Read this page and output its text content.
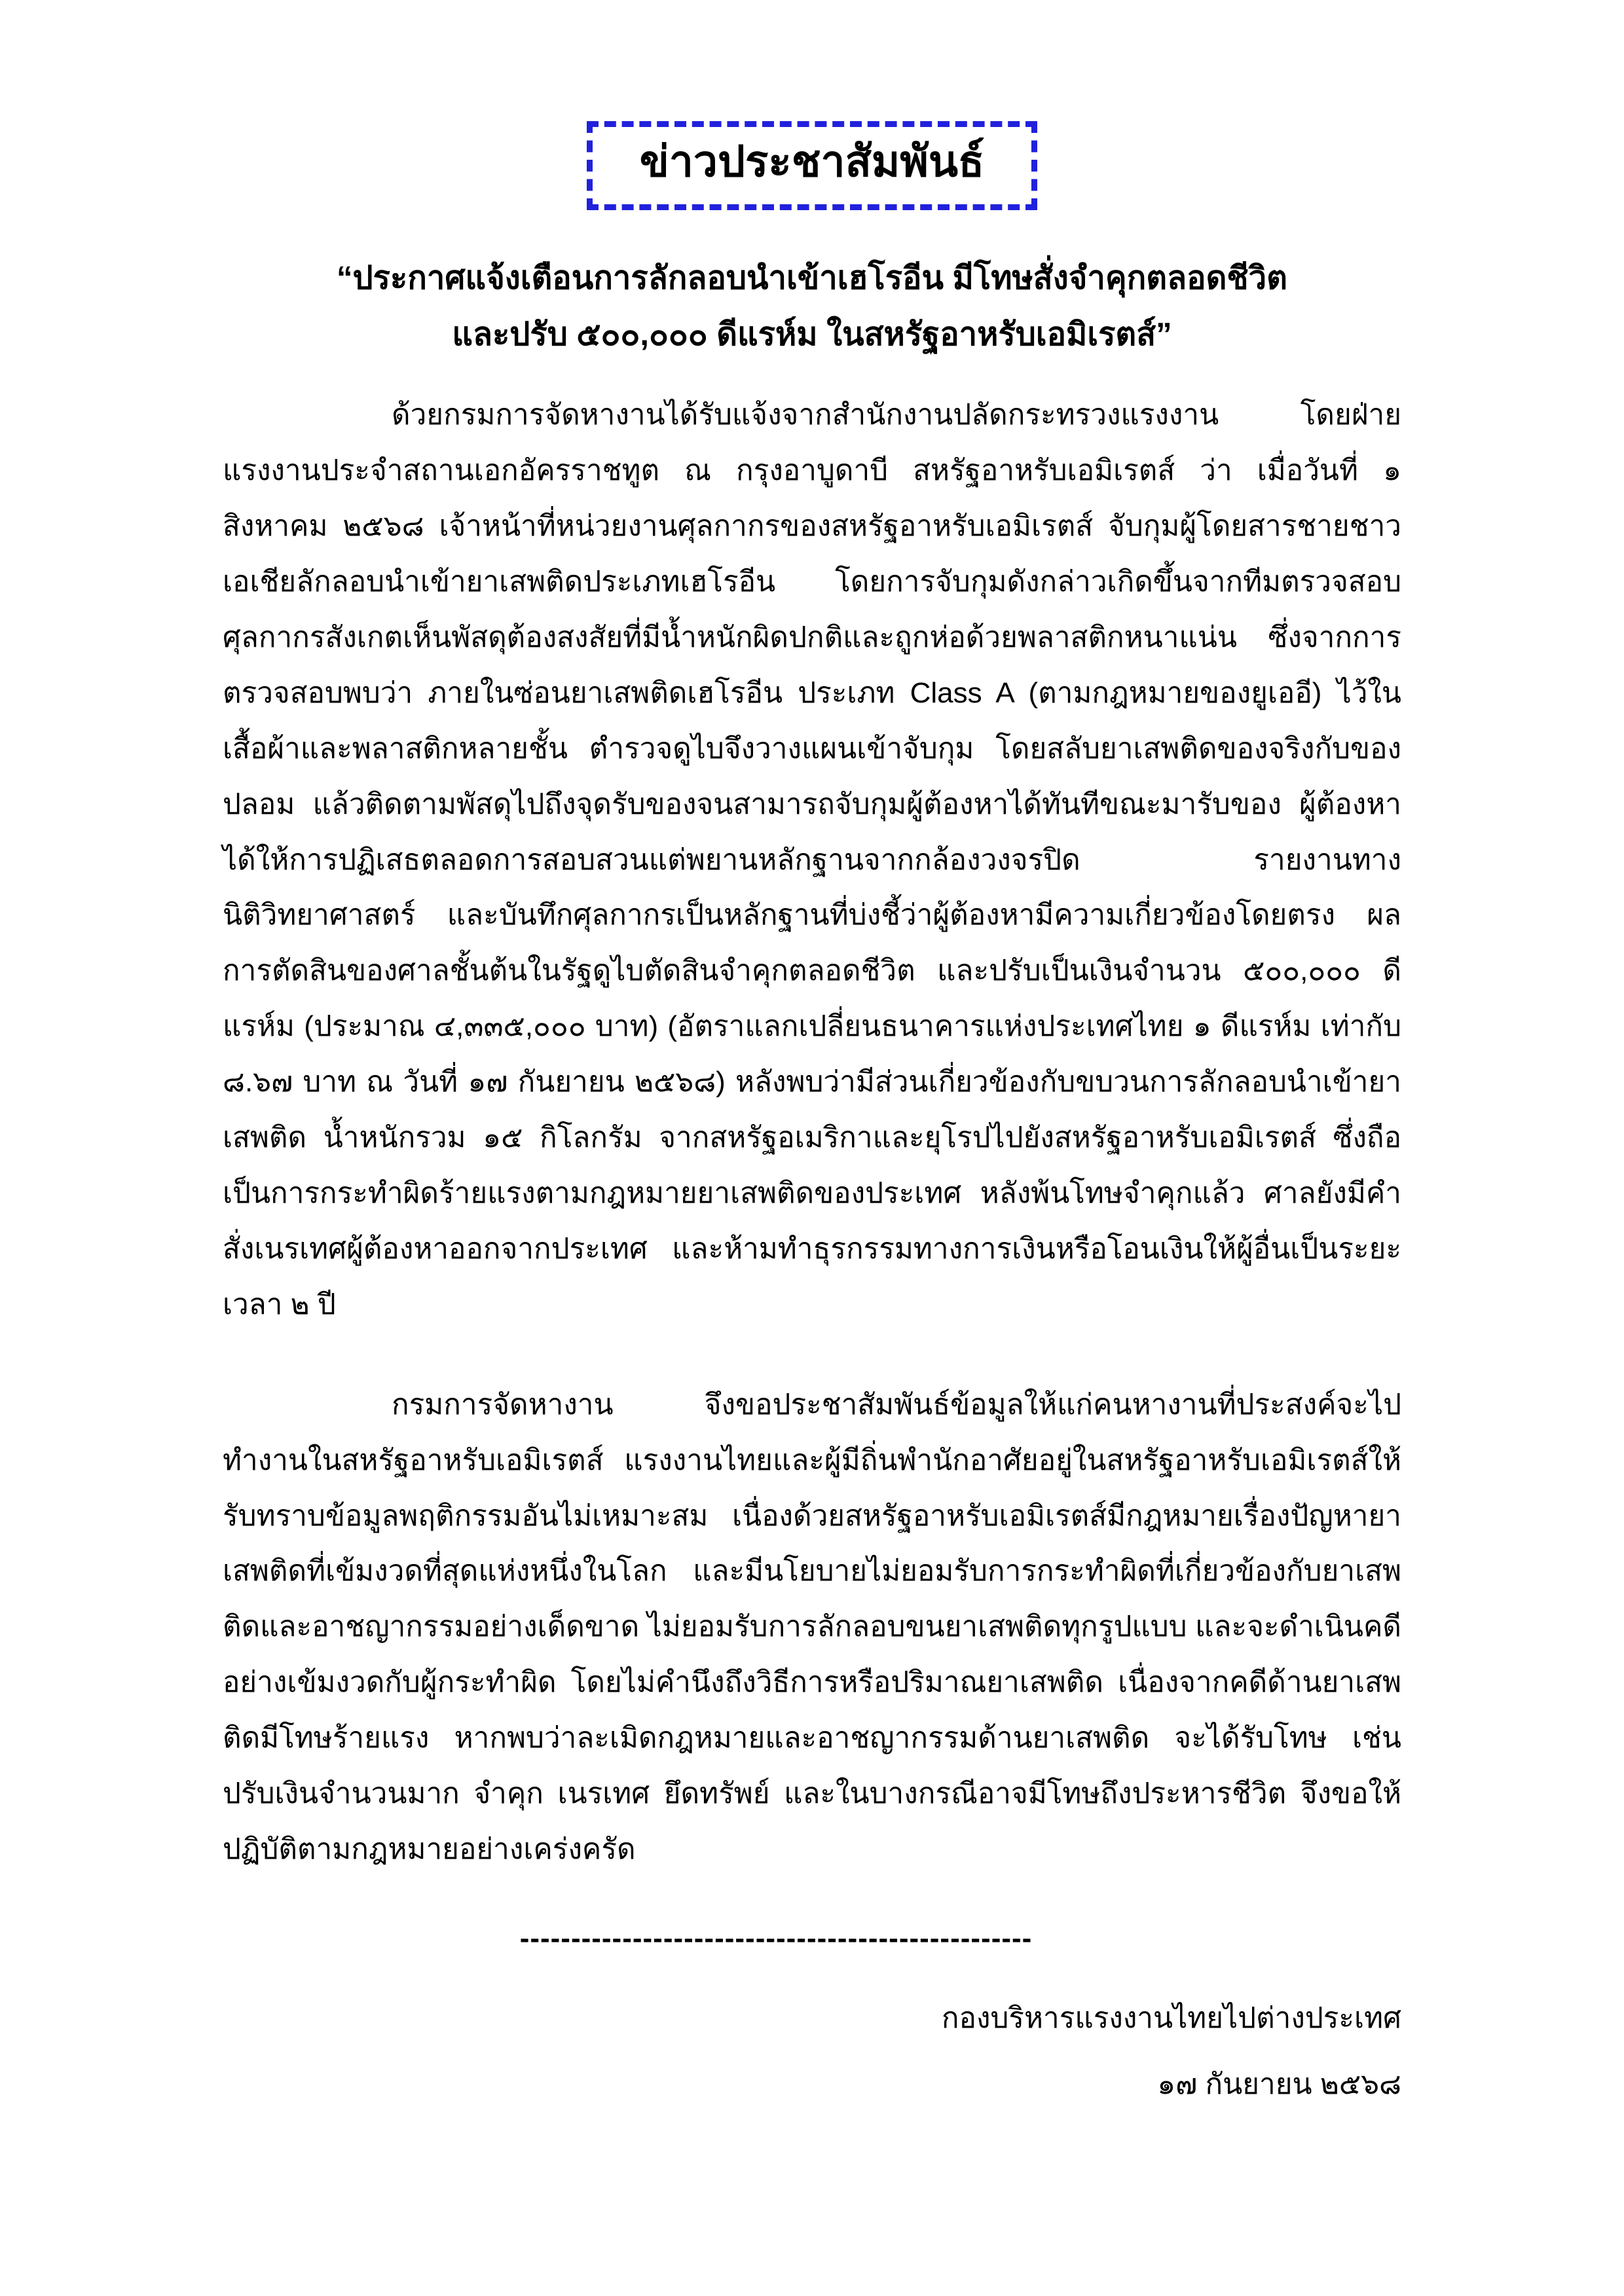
ข่าวประชาสัมพันธ์
“ประกาศแจ้งเตือนการลักลอบนำเข้าเฮโรอีน มีโทษสั่งจำคุกตลอดชีวิต
และปรับ ๕๐๐,๐๐๐ ดีแรห์ม ในสหรัฐอาหรับเอมิเรตส์”

ด้วยกรมการจัดหางานได้รับแจ้งจากสำนักงานปลัดกระทรวงแรงงาน โดยฝ่ายแรงงานประจำสถานเอกอัครราชทูต ณ กรุงอาบูดาบี สหรัฐอาหรับเอมิเรตส์ ว่า เมื่อวันที่ ๑ สิงหาคม ๒๕๖๘ เจ้าหน้าที่หน่วยงานศุลกากรของสหรัฐอาหรับเอมิเรตส์ จับกุมผู้โดยสารชายชาวเอเชียลักลอบนำเข้ายาเสพติดประเภทเฮโรอีน โดยการจับกุมดังกล่าวเกิดขึ้นจากทีมตรวจสอบศุลกากรสังเกตเห็นพัสดุต้องสงสัยที่มีน้ำหนักผิดปกติและถูกห่อด้วยพลาสติกหนาแน่น ซึ่งจากการตรวจสอบพบว่า ภายในซ่อนยาเสพติดเฮโรอีน ประเภท Class A (ตามกฎหมายของยูเออี) ไว้ในเสื้อผ้าและพลาสติกหลายชั้น ตำรวจดูไบจึงวางแผนเข้าจับกุม โดยสลับยาเสพติดของจริงกับของปลอม แล้วติดตามพัสดุไปถึงจุดรับของจนสามารถจับกุมผู้ต้องหาได้ทันทีขณะมารับของ ผู้ต้องหาได้ให้การปฏิเสธตลอดการสอบสวนแต่พยานหลักฐานจากกล้องวงจรปิด รายงานทางนิติวิทยาศาสตร์ และบันทึกศุลกากรเป็นหลักฐานที่บ่งชี้ว่าผู้ต้องหามีความเกี่ยวข้องโดยตรง ผลการตัดสินของศาลชั้นต้นในรัฐดูไบตัดสินจำคุกตลอดชีวิต และปรับเป็นเงินจำนวน ๕๐๐,๐๐๐ ดีแรห์ม (ประมาณ ๔,๓๓๕,๐๐๐ บาท) (อัตราแลกเปลี่ยนธนาคารแห่งประเทศไทย ๑ ดีแรห์ม เท่ากับ ๘.๖๗ บาท ณ วันที่ ๑๗ กันยายน ๒๕๖๘) หลังพบว่ามีส่วนเกี่ยวข้องกับขบวนการลักลอบนำเข้ายาเสพติด น้ำหนักรวม ๑๕ กิโลกรัม จากสหรัฐอเมริกาและยุโรปไปยังสหรัฐอาหรับเอมิเรตส์ ซึ่งถือเป็นการกระทำผิดร้ายแรงตามกฎหมายยาเสพติดของประเทศ หลังพ้นโทษจำคุกแล้ว ศาลยังมีคำสั่งเนรเทศผู้ต้องหาออกจากประเทศ และห้ามทำธุรกรรมทางการเงินหรือโอนเงินให้ผู้อื่นเป็นระยะเวลา ๒ ปี

กรมการจัดหางาน จึงขอประชาสัมพันธ์ข้อมูลให้แก่คนหางานที่ประสงค์จะไปทำงานในสหรัฐอาหรับเอมิเรตส์ แรงงานไทยและผู้มีถิ่นพำนักอาศัยอยู่ในสหรัฐอาหรับเอมิเรตส์ให้รับทราบข้อมูลพฤติกรรมอันไม่เหมาะสม เนื่องด้วยสหรัฐอาหรับเอมิเรตส์มีกฎหมายเรื่องปัญหายาเสพติดที่เข้มงวดที่สุดแห่งหนึ่งในโลก และมีนโยบายไม่ยอมรับการกระทำผิดที่เกี่ยวข้องกับยาเสพติดและอาชญากรรมอย่างเด็ดขาด ไม่ยอมรับการลักลอบขนยาเสพติดทุกรูปแบบ และจะดำเนินคดีอย่างเข้มงวดกับผู้กระทำผิด โดยไม่คำนึงถึงวิธีการหรือปริมาณยาเสพติด เนื่องจากคดีด้านยาเสพติดมีโทษร้ายแรง หากพบว่าละเมิดกฎหมายและอาชญากรรมด้านยาเสพติด จะได้รับโทษ เช่น ปรับเงินจำนวนมาก จำคุก เนรเทศ ยึดทรัพย์ และในบางกรณีอาจมีโทษถึงประหารชีวิต จึงขอให้ปฏิบัติตามกฎหมายอย่างเคร่งครัด

--------------------------------------------------
กองบริหารแรงงานไทยไปต่างประเทศ
๑๗ กันยายน ๒๕๖๘
